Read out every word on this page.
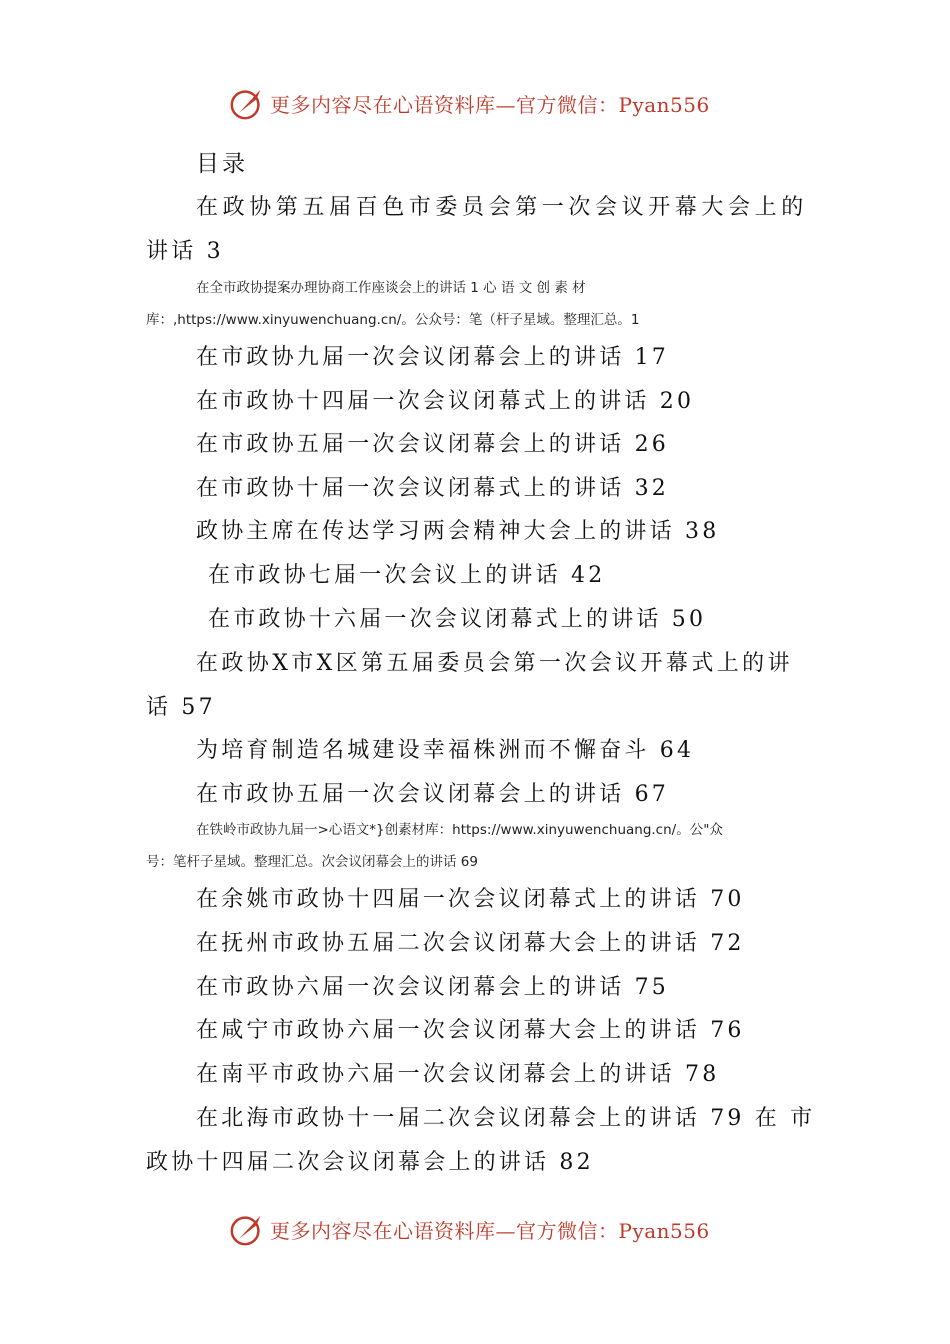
更多内容尽在心语资料库—官方微信：Pyan556
目录
在政协第五届百色市委员会第一次会议开幕大会上的
讲话 3
在全市政协提案办理协商工作座谈会上的讲话 1 心 语 文 创 素 材
库：,https://www.xinyuwenchuang.cn/。公众号：笔（杆子星域。整理汇总。1
在市政协九届一次会议闭幕会上的讲话 17
在市政协十四届一次会议闭幕式上的讲话 20
在市政协五届一次会议闭幕会上的讲话 26
在市政协十届一次会议闭幕式上的讲话 32
政协主席在传达学习两会精神大会上的讲话 38
在市政协七届一次会议上的讲话 42
在市政协十六届一次会议闭幕式上的讲话 50
在政协X市X区第五届委员会第一次会议开幕式上的讲
话 57
为培育制造名城建设幸福株洲而不懈奋斗 64
在市政协五届一次会议闭幕会上的讲话 67
在铁岭市政协九届一>心语文*}创素材库：https://www.xinyuwenchuang.cn/。公"众
号：笔杆子星域。整理汇总。次会议闭幕会上的讲话 69
在余姚市政协十四届一次会议闭幕式上的讲话 70
在抚州市政协五届二次会议闭幕大会上的讲话 72
在市政协六届一次会议闭幕会上的讲话 75
在咸宁市政协六届一次会议闭幕大会上的讲话 76
在南平市政协六届一次会议闭幕会上的讲话 78
在北海市政协十一届二次会议闭幕会上的讲话 79 在 市
政协十四届二次会议闭幕会上的讲话 82
更多内容尽在心语资料库—官方微信：Pyan556
